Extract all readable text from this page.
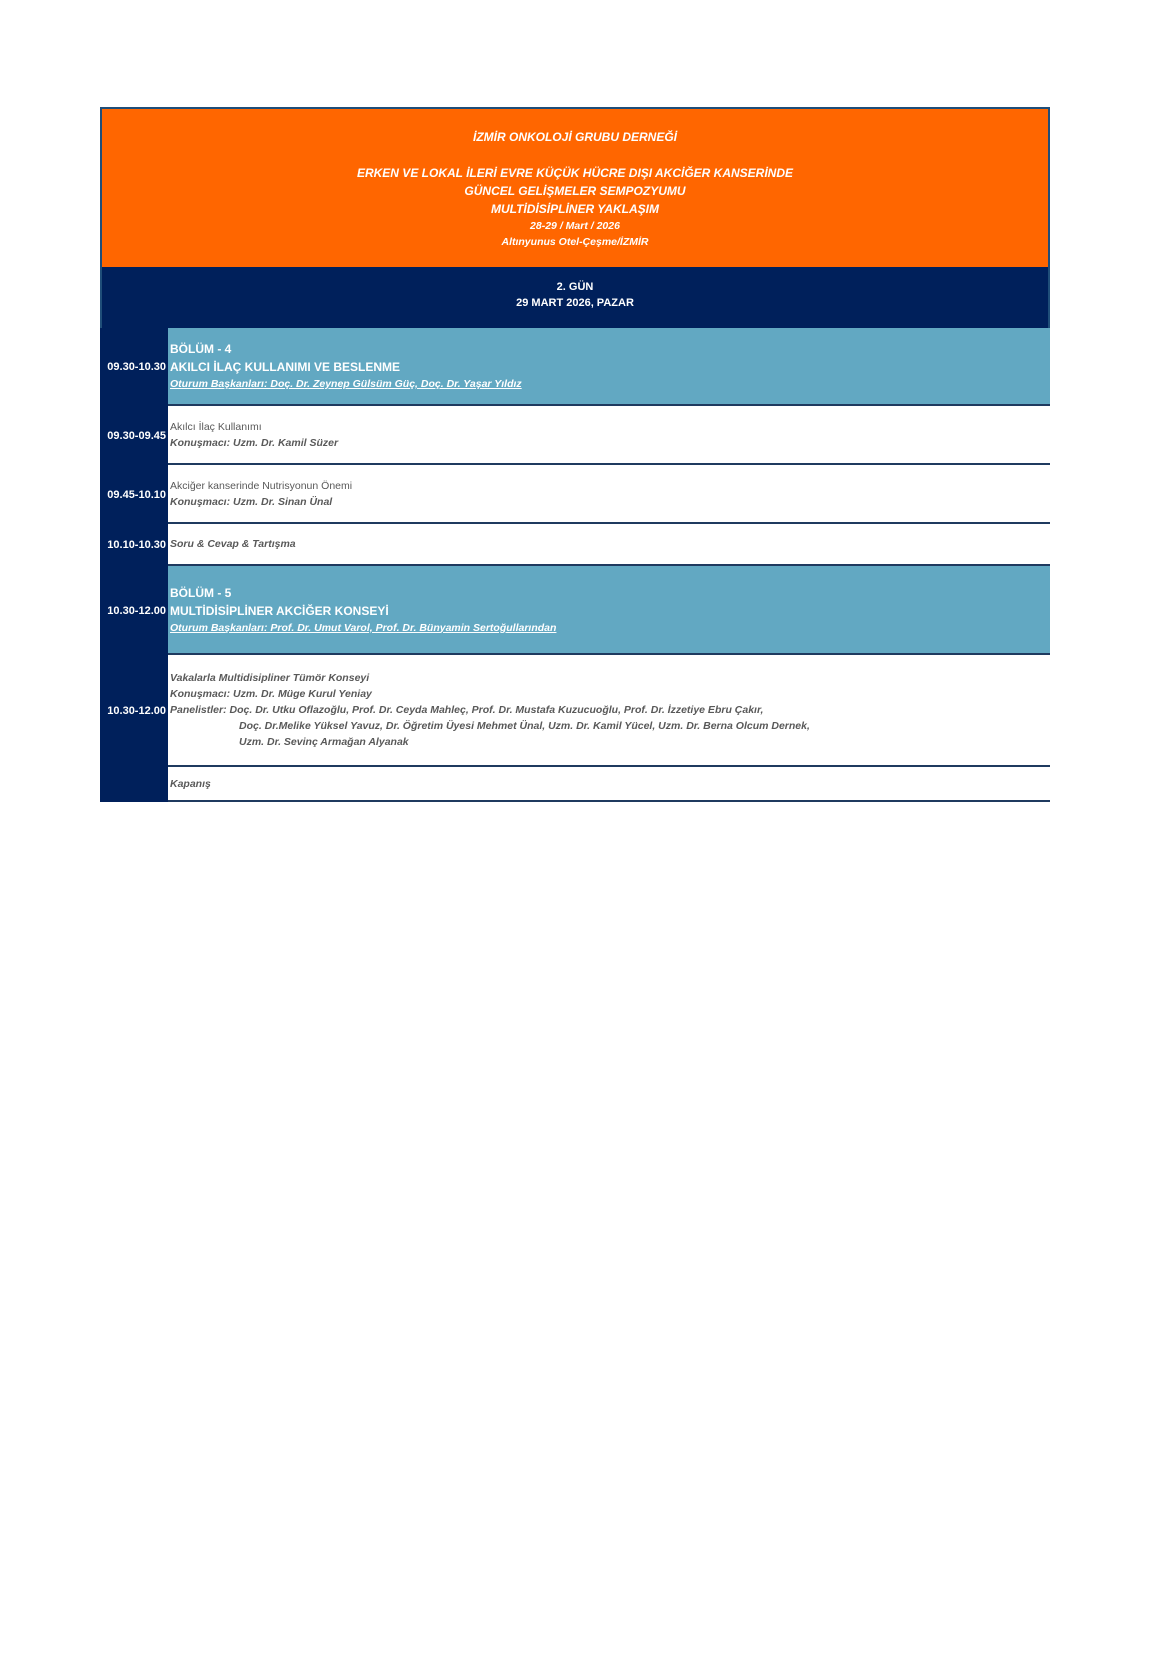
İZMİR ONKOLOJİ GRUBU DERNEĞİ
ERKEN VE LOKAL İLERİ EVRE KÜÇÜK HÜCRE DIŞI AKCİĞER KANSERİNDE
GÜNCEL GELİŞMELER SEMPOZYUMU
MULTİDİSİPLİNER YAKLAŞIM
28-29 / Mart / 2026
Altınyunus Otel-Çeşme/İZMİR
2. GÜN
29 MART 2026, PAZAR
09.30-10.30
BÖLÜM - 4
AKILCI İLAÇ KULLANIMI VE BESLENME
Oturum Başkanları: Doç. Dr. Zeynep Gülsüm Güç, Doç. Dr. Yaşar Yıldız
09.30-09.45
Akılcı İlaç Kullanımı
Konuşmacı: Uzm. Dr. Kamil Süzer
09.45-10.10
Akciğer kanserinde Nutrisyonun Önemi
Konuşmacı: Uzm. Dr. Sinan Ünal
10.10-10.30 Soru & Cevap & Tartışma
10.30-12.00
BÖLÜM - 5
MULTİDİSİPLİNER AKCİĞER KONSEYİ
Oturum Başkanları: Prof. Dr. Umut Varol, Prof. Dr. Bünyamin Sertoğullarından
10.30-12.00
Vakalarla Multidisipliner Tümör Konseyi
Konuşmacı: Uzm. Dr. Müge Kurul Yeniay
Panelistler: Doç. Dr. Utku Oflazoğlu, Prof. Dr. Ceyda Mahleç, Prof. Dr. Mustafa Kuzucuoğlu, Prof. Dr. İzzetiye Ebru Çakır,
Doç. Dr.Melike Yüksel Yavuz, Dr. Öğretim Üyesi Mehmet Ünal, Uzm. Dr. Kamil Yücel, Uzm. Dr. Berna Olcum Dernek,
Uzm. Dr. Sevinç Armağan Alyanak
Kapanış
